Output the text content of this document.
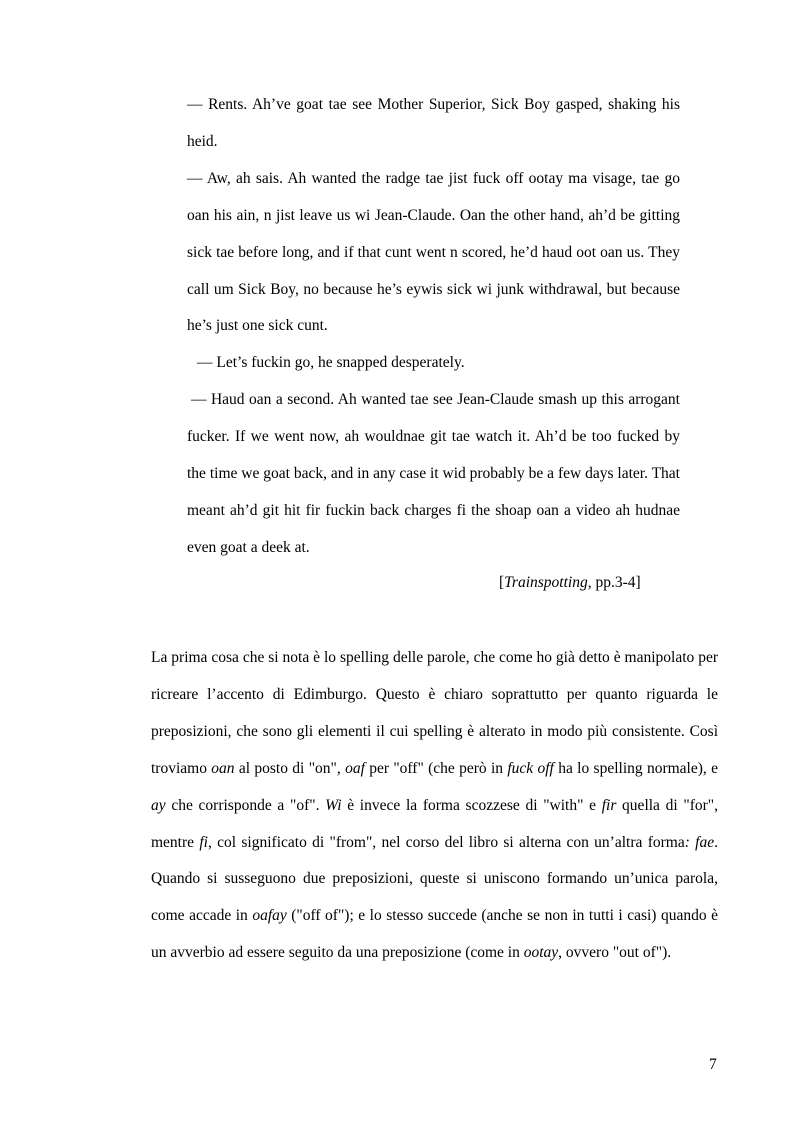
— Rents. Ah’ve goat tae see Mother Superior, Sick Boy gasped, shaking his heid.

— Aw, ah sais. Ah wanted the radge tae jist fuck off ootay ma visage, tae go oan his ain, n jist leave us wi Jean-Claude. Oan the other hand, ah’d be gitting sick tae before long, and if that cunt went n scored, he’d haud oot oan us. They call um Sick Boy, no because he’s eywis sick wi junk withdrawal, but because he’s just one sick cunt.

— Let’s fuckin go, he snapped desperately.

— Haud oan a second. Ah wanted tae see Jean-Claude smash up this arrogant fucker. If we went now, ah wouldnae git tae watch it. Ah’d be too fucked by the time we goat back, and in any case it wid probably be a few days later. That meant ah’d git hit fir fuckin back charges fi the shoap oan a video ah hudnae even goat a deek at.

[Trainspotting, pp.3-4]

La prima cosa che si nota è lo spelling delle parole, che come ho già detto è manipolato per ricreare l’accento di Edimburgo. Questo è chiaro soprattutto per quanto riguarda le preposizioni, che sono gli elementi il cui spelling è alterato in modo più consistente. Così troviamo oan al posto di "on", oaf per "off" (che però in fuck off ha lo spelling normale), e ay che corrisponde a "of". Wi è invece la forma scozzese di "with" e fir quella di "for", mentre fi, col significato di "from", nel corso del libro si alterna con un’altra forma: fae. Quando si susseguono due preposizioni, queste si uniscono formando un’unica parola, come accade in oafay ("off of"); e lo stesso succede (anche se non in tutti i casi) quando è un avverbio ad essere seguito da una preposizione (come in ootay, ovvero "out of").

7
